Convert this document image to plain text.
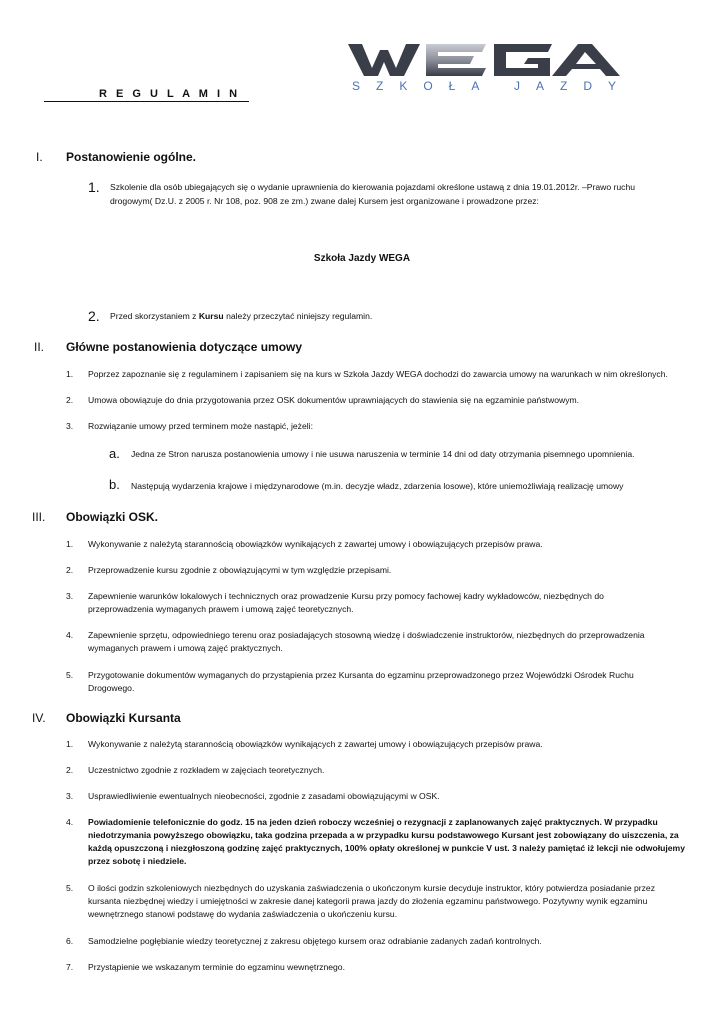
SZKOŁA JAZDY
R E G U L A M I N
I. Postanowienie ogólne.
1. Szkolenie dla osób ubiegających się o wydanie uprawnienia do kierowania pojazdami określone ustawą z dnia 19.01.2012r. –Prawo ruchu
drogowym( Dz.U. z 2005 r. Nr 108, poz. 908 ze zm.) zwane dalej Kursem jest organizowane i prowadzone przez:
Szkoła Jazdy WEGA
2. Przed skorzystaniem z Kursu należy przeczytać niniejszy regulamin.
II. Główne postanowienia dotyczące umowy
1. Poprzez zapoznanie się z regulaminem i zapisaniem się na kurs w Szkoła Jazdy WEGA dochodzi do zawarcia umowy na warunkach w nim określonych.
2. Umowa obowiązuje do dnia przygotowania przez OSK dokumentów uprawniających do stawienia się na egzaminie państwowym.
3. Rozwiązanie umowy przed terminem może nastąpić, jeżeli:
a. Jedna ze Stron narusza postanowienia umowy i nie usuwa naruszenia w terminie 14 dni od daty otrzymania pisemnego upomnienia.
b. Następują wydarzenia krajowe i międzynarodowe (m.in. decyzje władz, zdarzenia losowe), które uniemożliwiają realizację umowy
III. Obowiązki OSK.
1. Wykonywanie z należytą starannością obowiązków wynikających z zawartej umowy i obowiązujących przepisów prawa.
2. Przeprowadzenie kursu zgodnie z obowiązującymi w tym względzie przepisami.
3. Zapewnienie warunków lokalowych i technicznych oraz prowadzenie Kursu przy pomocy fachowej kadry wykładowców, niezbędnych do
przeprowadzenia wymaganych prawem i umową zajęć teoretycznych.
4. Zapewnienie sprzętu, odpowiedniego terenu oraz posiadających stosowną wiedzę i doświadczenie instruktorów, niezbędnych do przeprowadzenia
wymaganych prawem i umową zajęć praktycznych.
5. Przygotowanie dokumentów wymaganych do przystąpienia przez Kursanta do egzaminu przeprowadzonego przez Wojewódzki Ośrodek Ruchu
Drogowego.
IV. Obowiązki Kursanta
1. Wykonywanie z należytą starannością obowiązków wynikających z zawartej umowy i obowiązujących przepisów prawa.
2. Uczestnictwo zgodnie z rozkładem w zajęciach teoretycznych.
3. Usprawiedliwienie ewentualnych nieobecności, zgodnie z zasadami obowiązującymi w OSK.
4. Powiadomienie telefonicznie do godz. 15 na jeden dzień roboczy wcześniej o rezygnacji z zaplanowanych zajęć praktycznych. W przypadku
niedotrzymania powyższego obowiązku, taka godzina przepada a w przypadku kursu podstawowego Kursant jest zobowiązany do uiszczenia, za
każdą opuszczoną i niezgłoszoną godzinę zajęć praktycznych, 100% opłaty określonej w punkcie V ust. 3 należy pamiętać iż lekcji nie odwołujemy
przez sobotę i niedziele.
5. O ilości godzin szkoleniowych niezbędnych do uzyskania zaświadczenia o ukończonym kursie decyduje instruktor, który potwierdza posiadanie przez
kursanta niezbędnej wiedzy i umiejętności w zakresie danej kategorii prawa jazdy do złożenia egzaminu państwowego. Pozytywny wynik egzaminu
wewnętrznego stanowi podstawę do wydania zaświadczenia o ukończeniu kursu.
6. Samodzielne pogłębianie wiedzy teoretycznej z zakresu objętego kursem oraz odrabianie zadanych zadań kontrolnych.
7. Przystąpienie we wskazanym terminie do egzaminu wewnętrznego.
